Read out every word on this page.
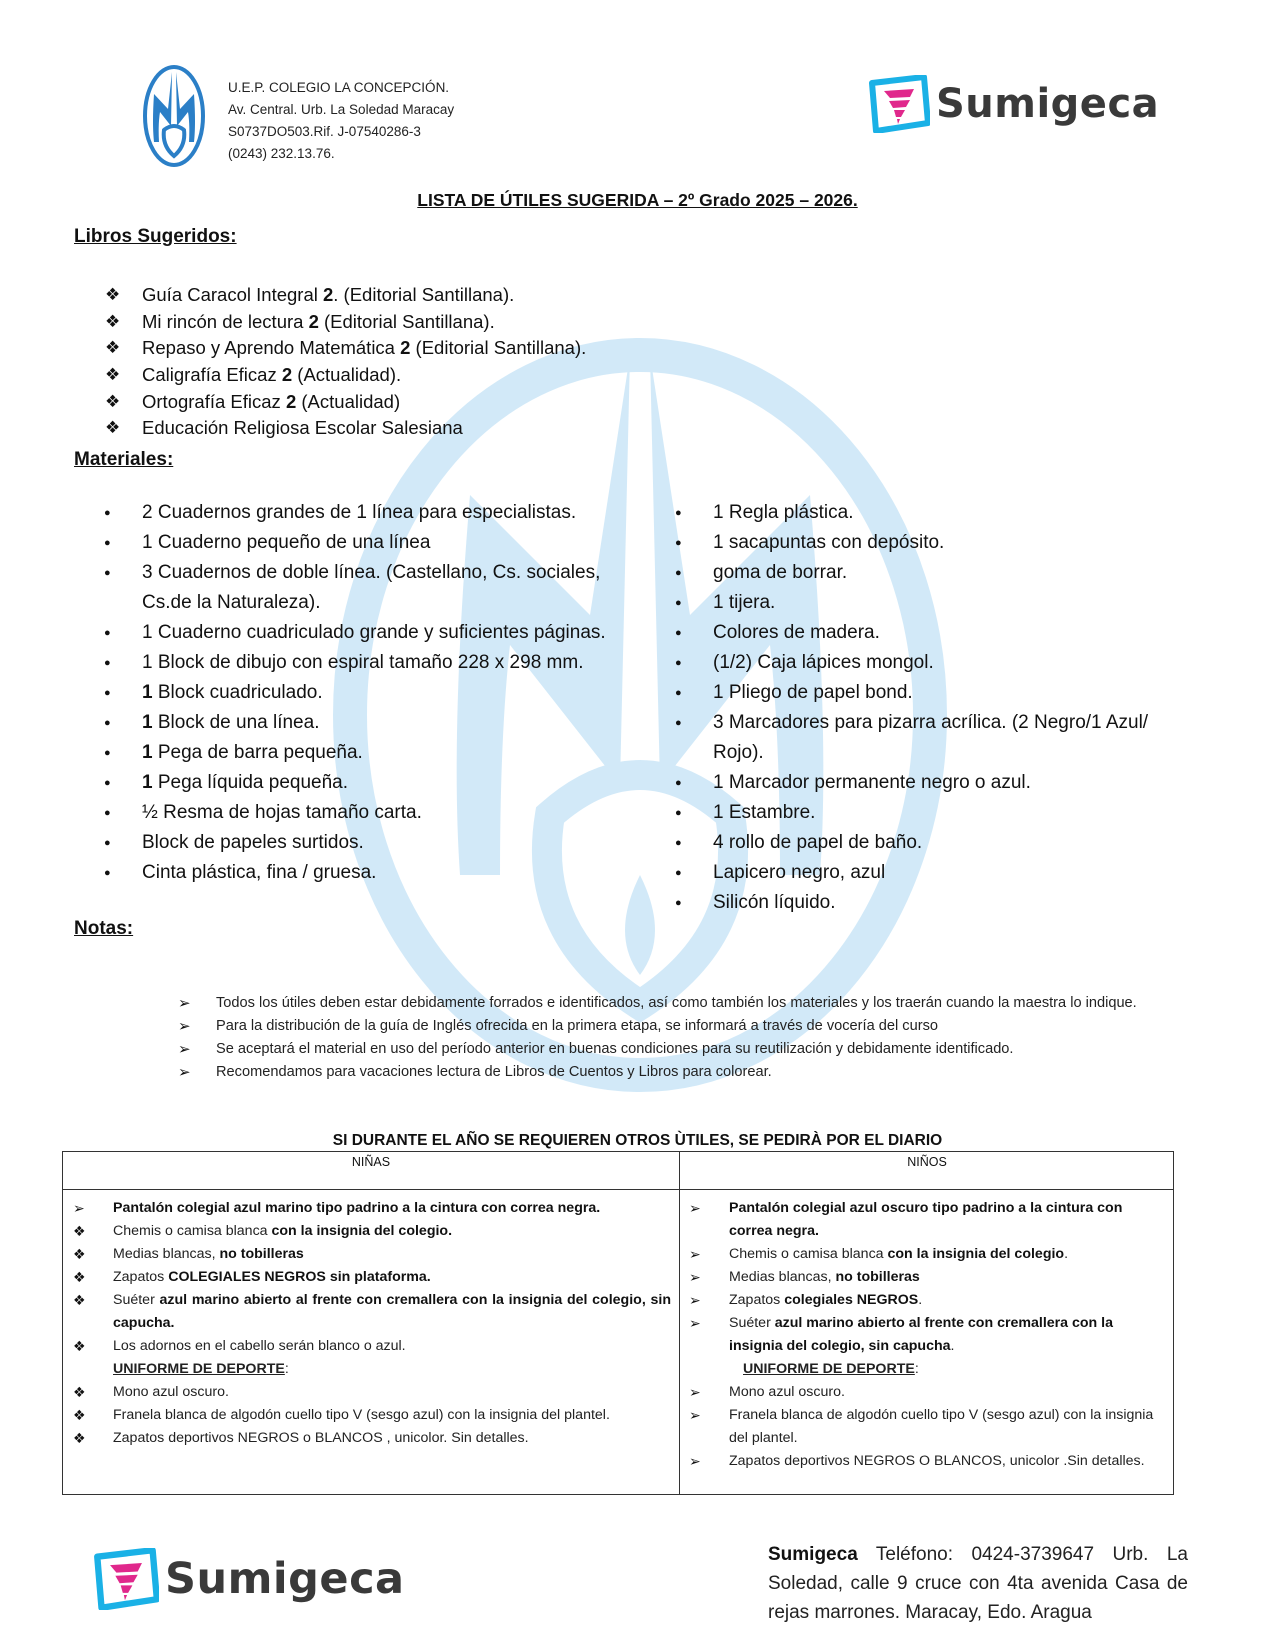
U.E.P. COLEGIO LA CONCEPCIÓN.
Av. Central. Urb. La Soledad Maracay
S0737DO503.Rif. J-07540286-3
(0243) 232.13.76.
Sumigeca
LISTA DE ÚTILES SUGERIDA – 2º Grado 2025 – 2026.
Libros Sugeridos:
❖	Guía Caracol Integral 2. (Editorial Santillana).
❖	Mi rincón de lectura 2 (Editorial Santillana).
❖	Repaso y Aprendo Matemática 2 (Editorial Santillana).
❖	Caligrafía Eficaz 2 (Actualidad).
❖	Ortografía Eficaz 2 (Actualidad)
❖	Educación Religiosa Escolar Salesiana
Materiales:
● 2 Cuadernos grandes de 1 línea para especialistas.
● 1 Cuaderno pequeño de una línea
● 3 Cuadernos de doble línea. (Castellano, Cs. sociales, Cs.de la Naturaleza).
● 1 Cuaderno cuadriculado grande y suficientes páginas.
● 1 Block de dibujo con espiral tamaño 228 x 298 mm.
● 1 Block cuadriculado.
● 1 Block de una línea.
● 1 Pega de barra pequeña.
● 1 Pega líquida pequeña.
● ½ Resma de hojas tamaño carta.
● Block de papeles surtidos.
● Cinta plástica, fina / gruesa.
● 1 Regla plástica.
● 1 sacapuntas con depósito.
● goma de borrar.
● 1 tijera.
● Colores de madera.
● (1/2) Caja lápices mongol.
● 1 Pliego de papel bond.
● 3 Marcadores para pizarra acrílica. (2 Negro/1 Azul/ Rojo).
● 1 Marcador permanente negro o azul.
● 1 Estambre.
● 4 rollo de papel de baño.
● Lapicero negro, azul
● Silicón líquido.
Notas:
➢ Todos los útiles deben estar debidamente forrados e identificados, así como también los materiales y los traerán cuando la maestra lo indique.
➢ Para la distribución de la guía de Inglés ofrecida en la primera etapa, se informará a través de vocería del curso
➢ Se aceptará el material en uso del período anterior en buenas condiciones para su reutilización y debidamente identificado.
➢ Recomendamos para vacaciones lectura de Libros de Cuentos y Libros para colorear.
SI DURANTE EL AÑO SE REQUIEREN OTROS ÙTILES, SE PEDIRÀ POR EL DIARIO
NIÑAS	NIÑOS
➢ Pantalón colegial azul marino tipo padrino a la cintura con correa negra.
❖ Chemis o camisa blanca con la insignia del colegio.
❖ Medias blancas, no tobilleras
❖ Zapatos COLEGIALES NEGROS sin plataforma.
❖ Suéter azul marino abierto al frente con cremallera con la insignia del colegio, sin capucha.
❖ Los adornos en el cabello serán blanco o azul.
UNIFORME DE DEPORTE:
❖ Mono azul oscuro.
❖ Franela blanca de algodón cuello tipo V (sesgo azul) con la insignia del plantel.
❖ Zapatos deportivos NEGROS o BLANCOS , unicolor. Sin detalles.
➢ Pantalón colegial azul oscuro tipo padrino a la cintura con correa negra.
➢ Chemis o camisa blanca con la insignia del colegio.
➢ Medias blancas, no tobilleras
➢ Zapatos colegiales NEGROS.
➢ Suéter azul marino abierto al frente con cremallera con la insignia del colegio, sin capucha.
UNIFORME DE DEPORTE:
➢ Mono azul oscuro.
➢ Franela blanca de algodón cuello tipo V (sesgo azul) con la insignia del plantel.
➢ Zapatos deportivos NEGROS O BLANCOS, unicolor .Sin detalles.
Sumigeca	Sumigeca Teléfono: 0424-3739647 Urb. La Soledad, calle 9 cruce con 4ta avenida Casa de rejas marrones. Maracay, Edo. Aragua
